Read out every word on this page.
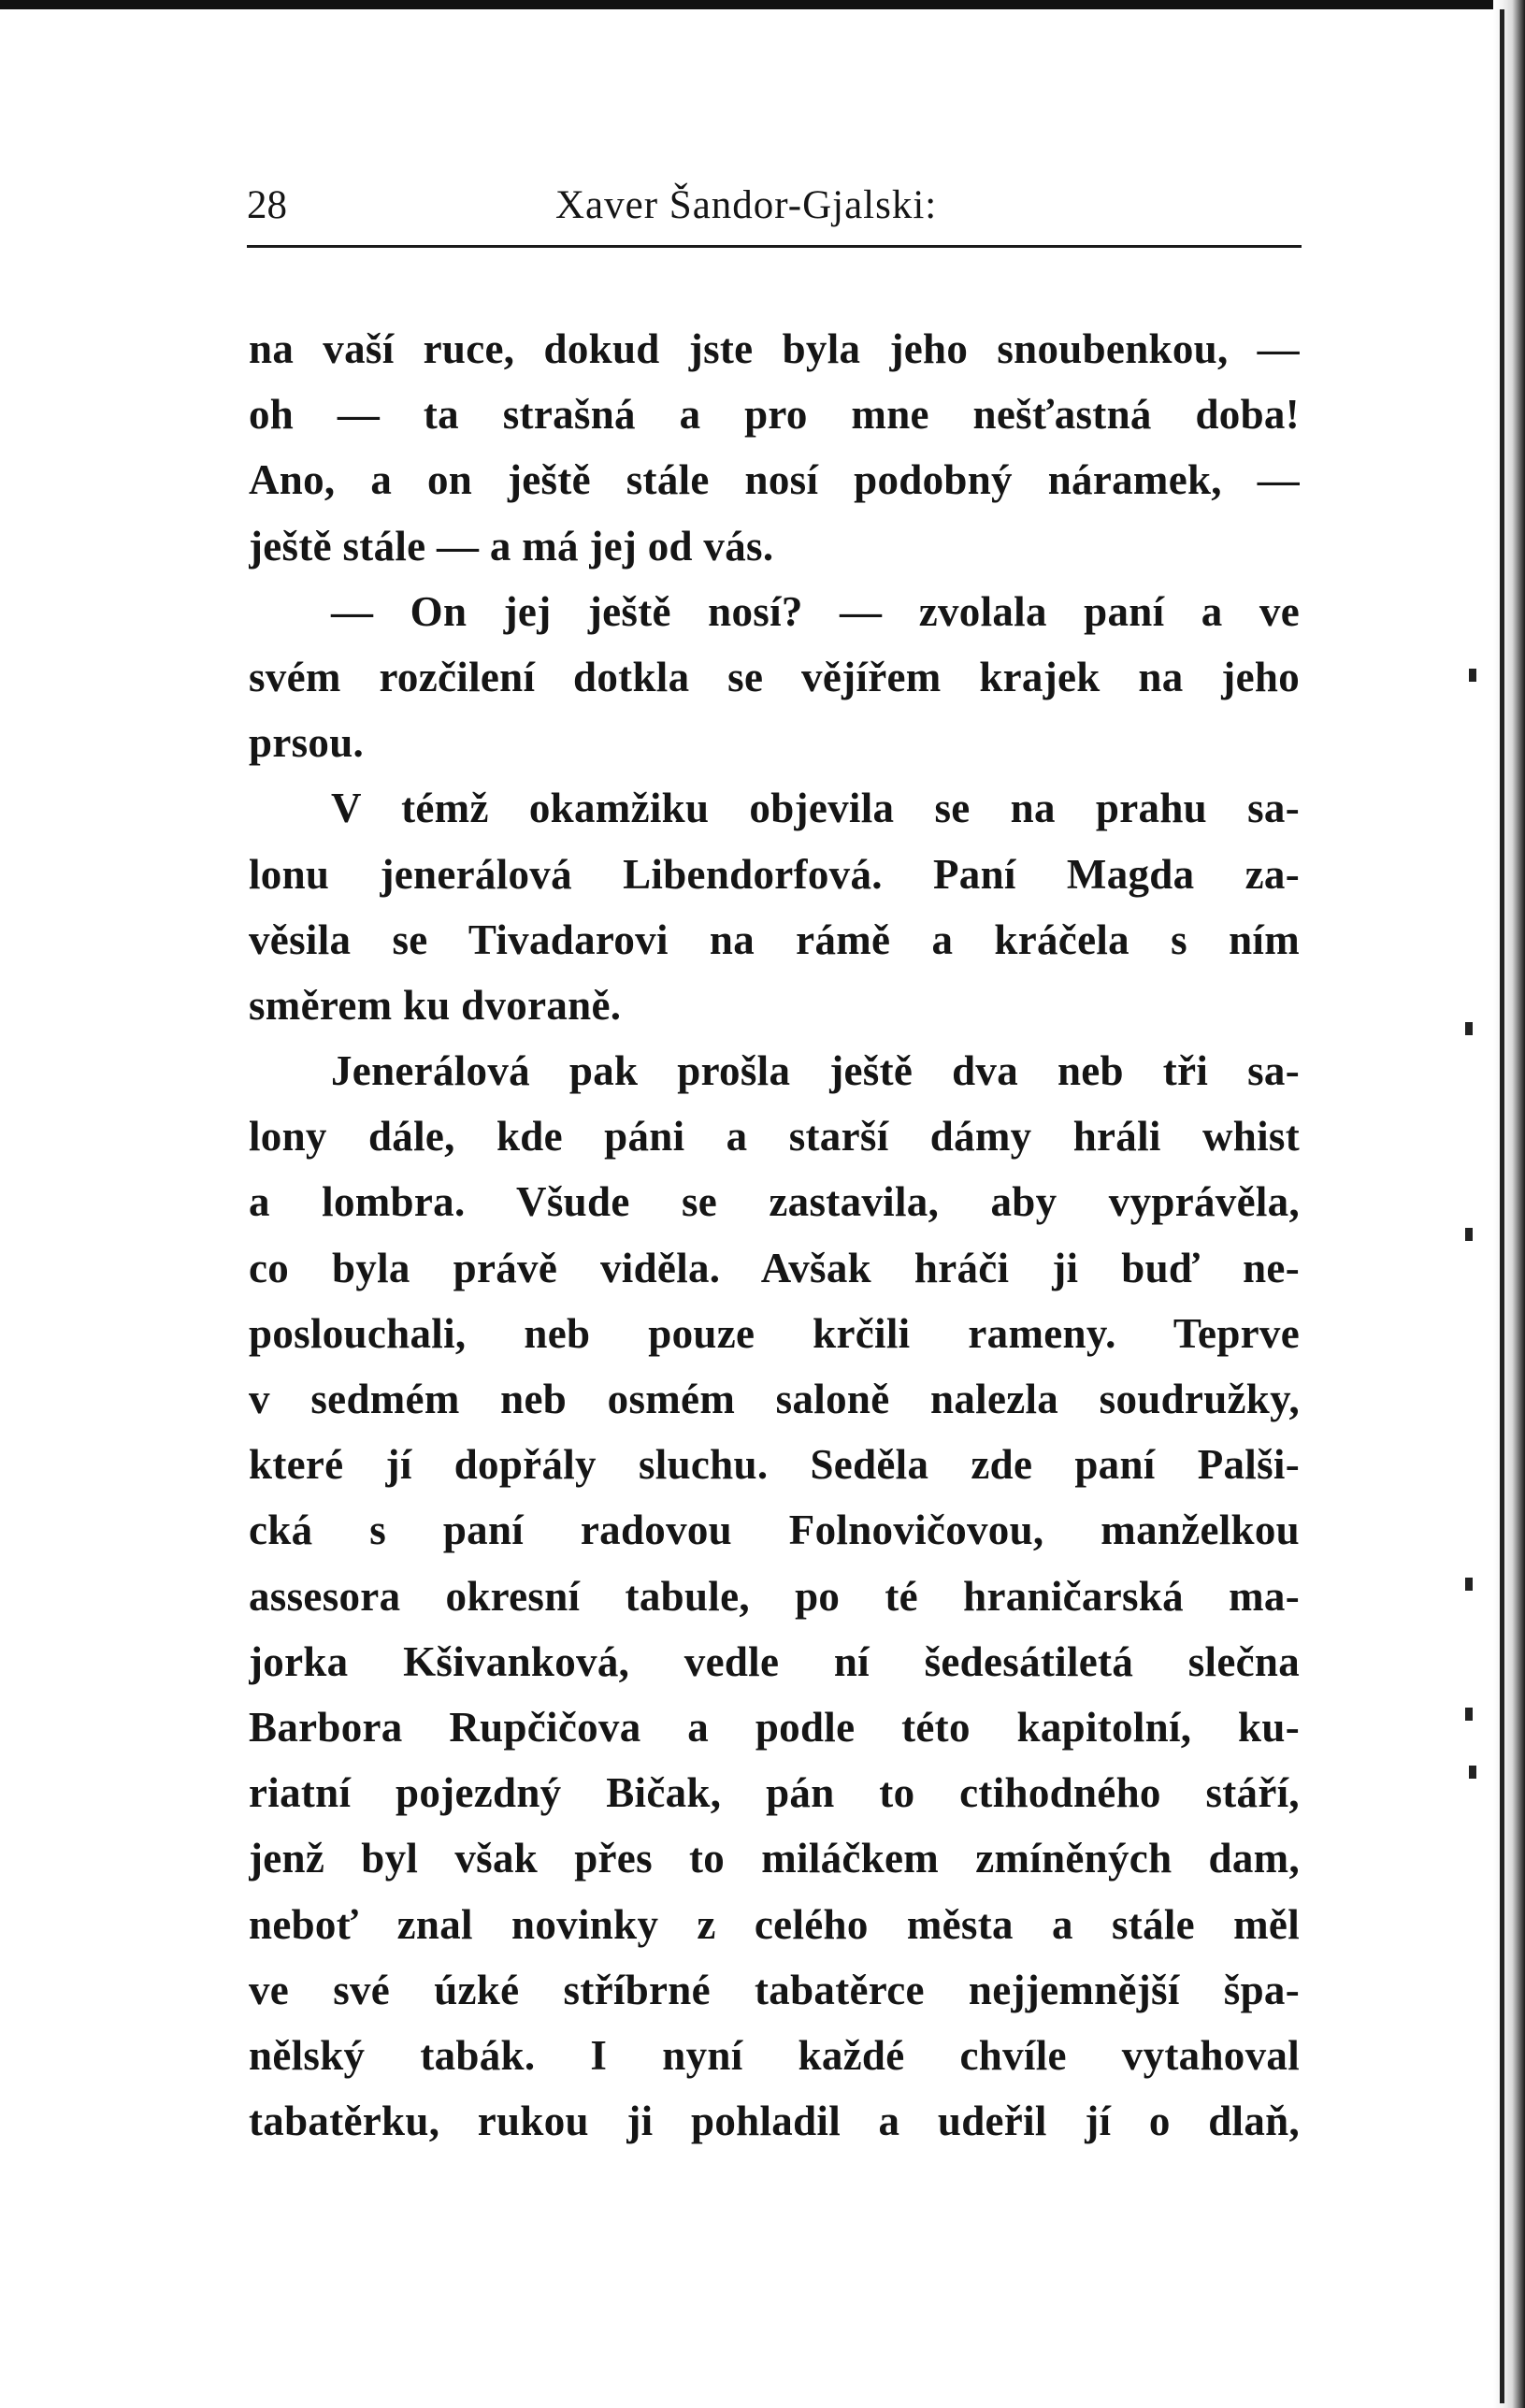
28	Xaver Šandor-Gjalski:
na vaší ruce, dokud jste byla jeho snoubenkou, —
oh — ta strašná a pro mne nešťastná doba!
Ano, a on ještě stále nosí podobný náramek, —
ještě stále — a má jej od vás.
— On jej ještě nosí? — zvolala paní a ve
svém rozčilení dotkla se vějířem krajek na jeho
prsou.
V témž okamžiku objevila se na prahu sa-
lonu jenerálová Libendorfová. Paní Magda za-
věsila se Tivadarovi na rámě a kráčela s ním
směrem ku dvoraně.
Jenerálová pak prošla ještě dva neb tři sa-
lony dále, kde páni a starší dámy hráli whist
a lombra. Všude se zastavila, aby vyprávěla,
co byla právě viděla. Avšak hráči ji buď ne-
poslouchali, neb pouze krčili rameny. Teprve
v sedmém neb osmém saloně nalezla soudružky,
které jí dopřály sluchu. Seděla zde paní Palši-
cká s paní radovou Folnovičovou, manželkou
assesora okresní tabule, po té hraničarská ma-
jorka Kšivanková, vedle ní šedesátiletá slečna
Barbora Rupčičova a podle této kapitolní, ku-
riatní pojezdný Bičak, pán to ctihodného stáří,
jenž byl však přes to miláčkem zmíněných dam,
neboť znal novinky z celého města a stále měl
ve své úzké stříbrné tabatěrce nejjemnější špa-
nělský tabák. I nyní každé chvíle vytahoval
tabatěrku, rukou ji pohladil a udeřil jí o dlaň,
